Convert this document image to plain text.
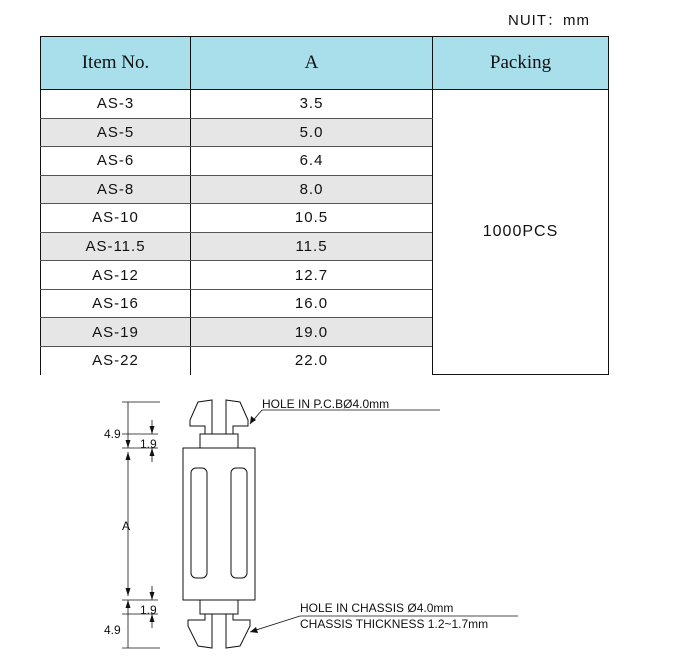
NUIT：mm
Item No.	A	Packing
AS-3	3.5	1000PCS
AS-5	5.0	
AS-6	6.4	
AS-8	8.0	
AS-10	10.5	
AS-11.5	11.5	
AS-12	12.7	
AS-16	16.0	
AS-19	19.0	
AS-22	22.0	
4.9
1.9
A
1.9
4.9
HOLE IN P.C.BØ4.0mm
HOLE IN CHASSIS Ø4.0mm
CHASSIS THICKNESS 1.2~1.7mm
